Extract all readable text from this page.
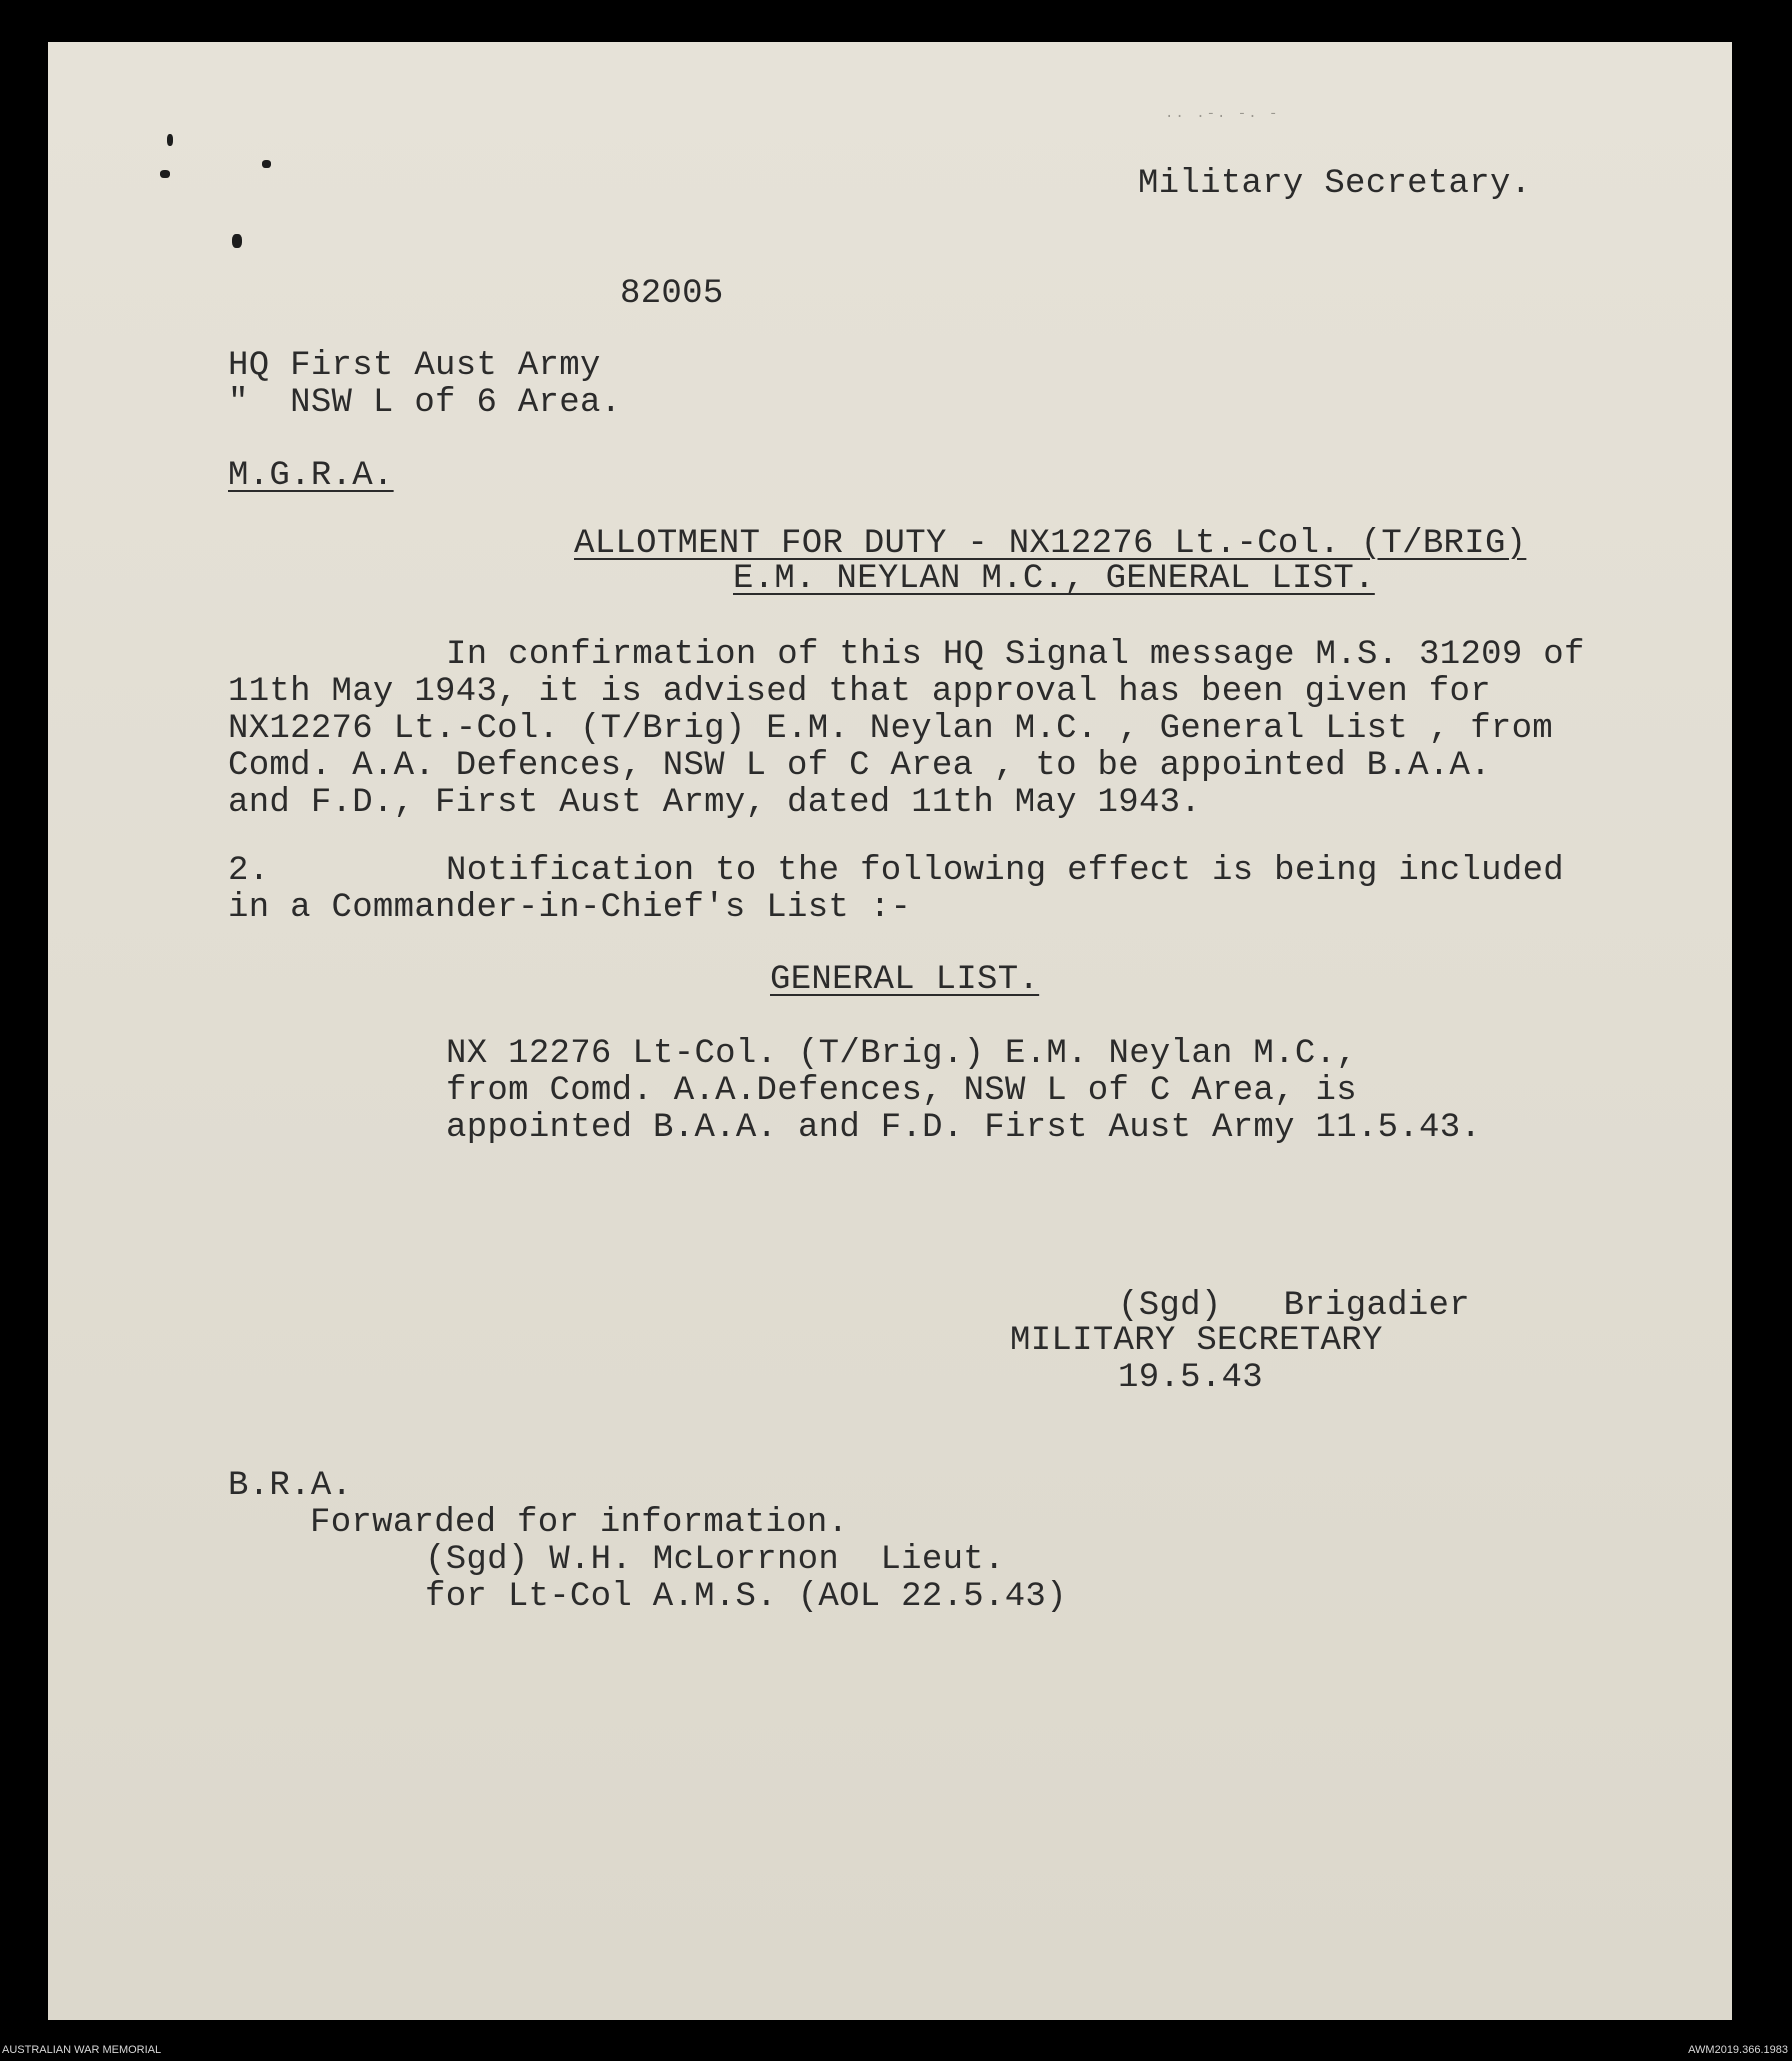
.. .-. -. -
Military Secretary.
82005
HQ First Aust Army
"  NSW L of 6 Area.
M.G.R.A.
ALLOTMENT FOR DUTY - NX12276 Lt.-Col. (T/BRIG)
E.M. NEYLAN M.C., GENERAL LIST.
In confirmation of this HQ Signal message M.S. 31209 of
11th May 1943, it is advised that approval has been given for
NX12276 Lt.-Col. (T/Brig) E.M. Neylan M.C. , General List , from
Comd. A.A. Defences, NSW L of C Area , to be appointed B.A.A.
and F.D., First Aust Army, dated 11th May 1943.
2.	Notification to the following effect is being included
in a Commander-in-Chief's List :-
GENERAL LIST.
NX 12276 Lt-Col. (T/Brig.) E.M. Neylan M.C.,
from Comd. A.A.Defences, NSW L of C Area, is
appointed B.A.A. and F.D. First Aust Army 11.5.43.
(Sgd)   Brigadier
MILITARY SECRETARY
19.5.43
B.R.A.
Forwarded for information.
(Sgd) W.H. McLorrnon  Lieut.
for Lt-Col A.M.S. (AOL 22.5.43)
AUSTRALIAN WAR MEMORIAL	AWM2019.366.1983
